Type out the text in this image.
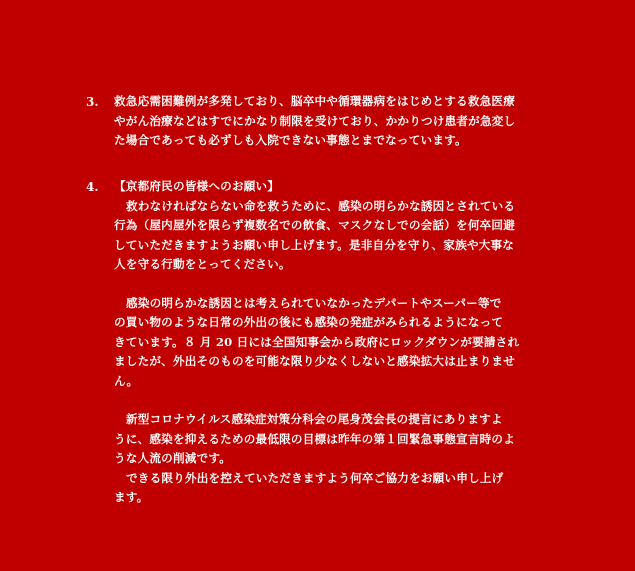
3. 救急応需困難例が多発しており、脳卒中や循環器病をはじめとする救急医療
やがん治療などはすでにかなり制限を受けており、かかりつけ患者が急変し
た場合であっても必ずしも入院できない事態とまでなっています。
4. 【京都府民の皆様へのお願い】
救わなければならない命を救うために、感染の明らかな誘因とされている
行為（屋内屋外を限らず複数名での飲食、マスクなしでの会話）を何卒回避
していただきますようお願い申し上げます。是非自分を守り、家族や大事な
人を守る行動をとってください。
感染の明らかな誘因とは考えられていなかったデパートやスーパー等で
の買い物のような日常の外出の後にも感染の発症がみられるようになって
きています。８ 月 20 日には全国知事会から政府にロックダウンが要請され
ましたが、外出そのものを可能な限り少なくしないと感染拡大は止まりませ
ん。
新型コロナウイルス感染症対策分科会の尾身茂会長の提言にありますよ
うに、感染を抑えるための最低限の目標は昨年の第１回緊急事態宣言時のよ
うな人流の削減です。
できる限り外出を控えていただきますよう何卒ご協力をお願い申し上げ
ます。
